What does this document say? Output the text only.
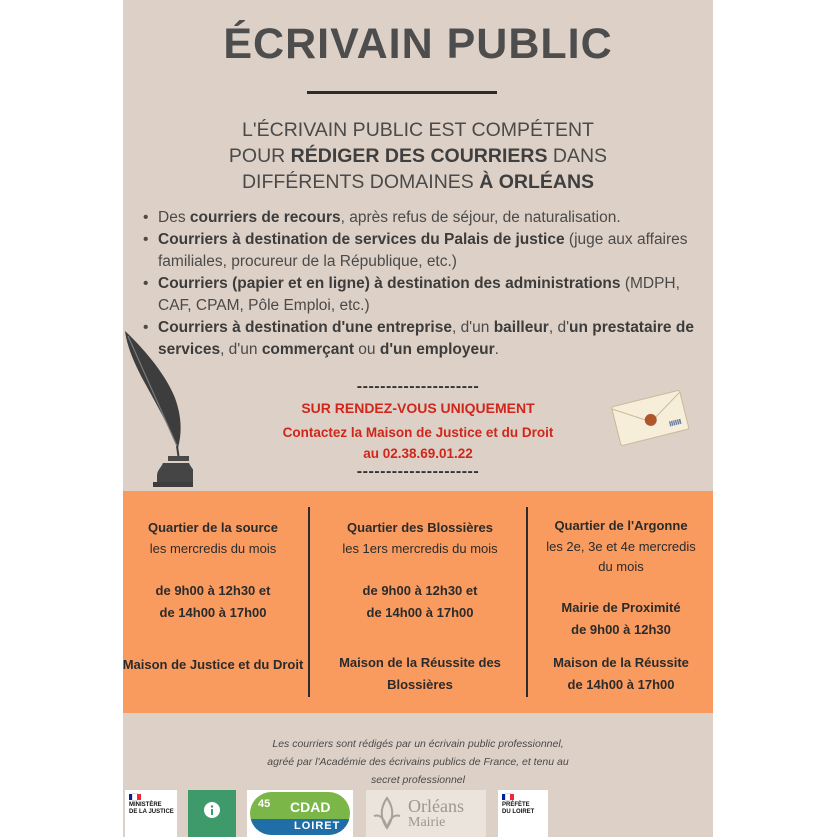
ÉCRIVAIN PUBLIC
L'ÉCRIVAIN PUBLIC EST COMPÉTENT
POUR RÉDIGER DES COURRIERS DANS
DIFFÉRENTS DOMAINES À ORLÉANS
• Des courriers de recours, après refus de séjour, de naturalisation.
• Courriers à destination de services du Palais de justice (juge aux affaires familiales, procureur de la République, etc.)
• Courriers (papier et en ligne) à destination des administrations (MDPH, CAF, CPAM, Pôle Emploi, etc.)
• Courriers à destination d'une entreprise, d'un bailleur, d'un prestataire de services, d'un commerçant ou d'un employeur.
---------------------
SUR RENDEZ-VOUS UNIQUEMENT
Contactez la Maison de Justice et du Droit
au 02.38.69.01.22
---------------------
Quartier de la source
les mercredis du mois
de 9h00 à 12h30 et
de 14h00 à 17h00
Maison de Justice et du Droit
Quartier des Blossières
les 1ers mercredis du mois
de 9h00 à 12h30 et
de 14h00 à 17h00
Maison de la Réussite des
Blossières
Quartier de l'Argonne
les 2e, 3e et 4e mercredis
du mois
Mairie de Proximité
de 9h00 à 12h30
Maison de la Réussite
de 14h00 à 17h00
Les courriers sont rédigés par un écrivain public professionnel,
agréé par l'Académie des écrivains publics de France, et tenu au
secret professionnel
MINISTÈRE
DE LA JUSTICE
45 CDAD
LOIRET
Orléans
Mairie
PRÉFÈTE
DU LOIRET
